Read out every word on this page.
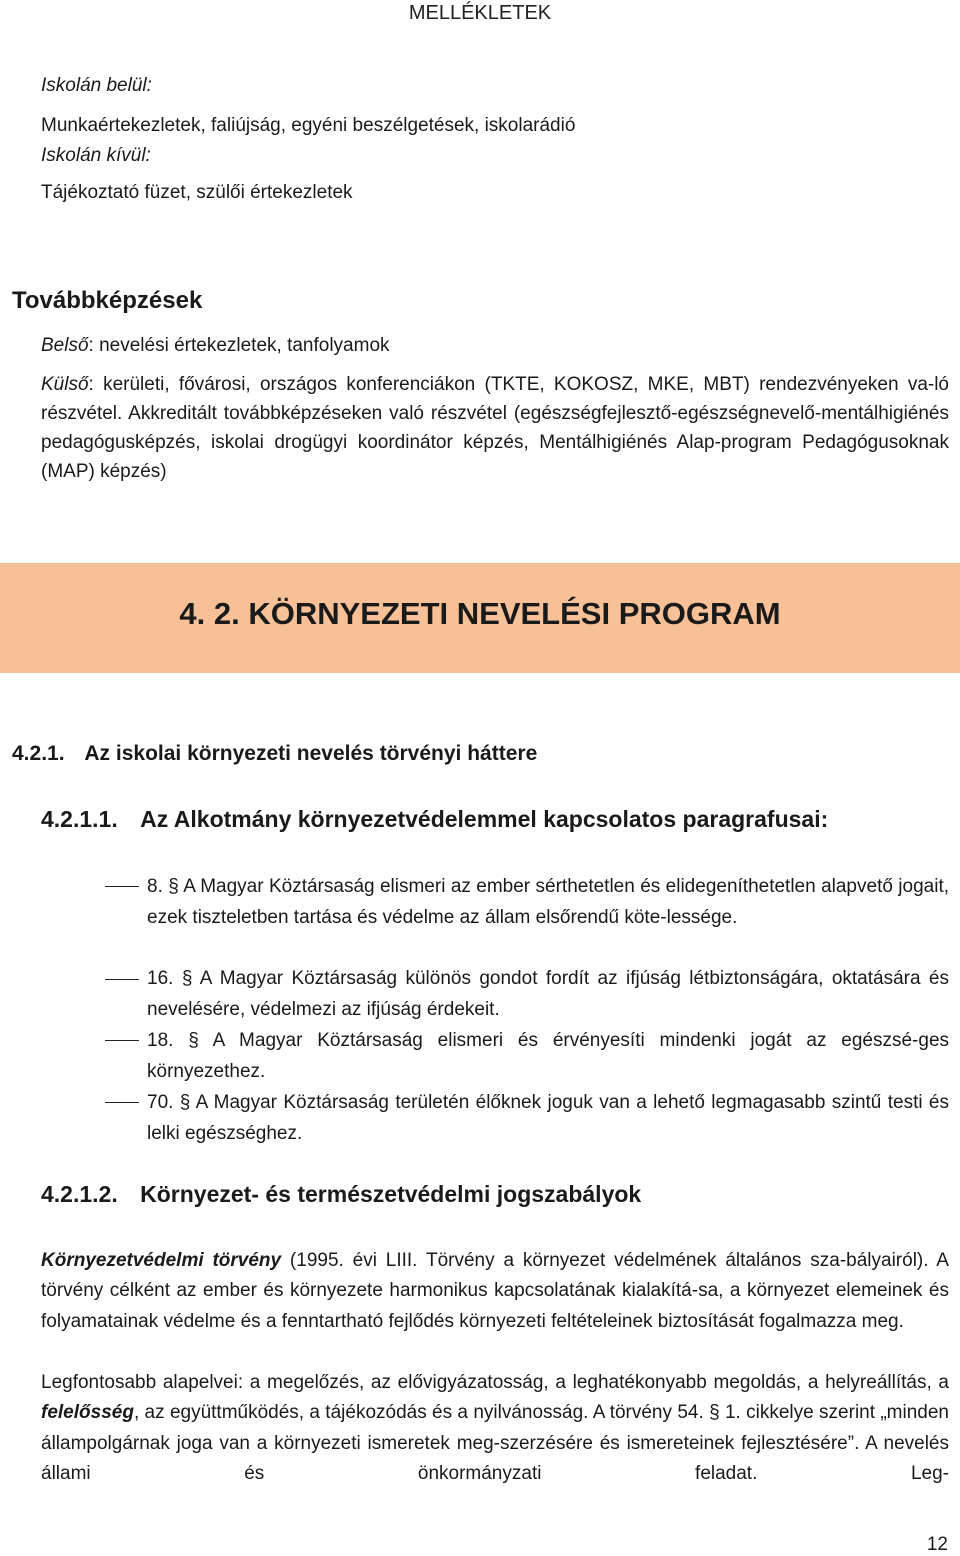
MELLÉKLETEK
Iskolán belül:
Munkaértekezletek, faliújság, egyéni beszélgetések, iskolarádió
Iskolán kívül:
Tájékoztató füzet, szülői értekezletek
Továbbképzések
Belső: nevelési értekezletek, tanfolyamok
Külső: kerületi, fővárosi, országos konferenciákon (TKTE, KOKOSZ, MKE, MBT) rendezvényeken va-ló részvétel. Akkreditált továbbképzéseken való részvétel (egészségfejlesztő-egészségnevelő-mentálhigiénés pedagógusképzés, iskolai drogügyi koordinátor képzés, Mentálhigiénés Alap-program Pedagógusoknak (MAP) képzés)
4. 2. KÖRNYEZETI NEVELÉSI PROGRAM
4.2.1. Az iskolai környezeti nevelés törvényi háttere
4.2.1.1. Az Alkotmány környezetvédelemmel kapcsolatos paragrafusai:
8. § A Magyar Köztársaság elismeri az ember sérthetetlen és elidegeníthetetlen alapvető jogait, ezek tiszteletben tartása és védelme az állam elsőrendű köte-lessége.
16. § A Magyar Köztársaság különös gondot fordít az ifjúság létbiztonságára, oktatására és nevelésére, védelmezi az ifjúság érdekeit.
18. § A Magyar Köztársaság elismeri és érvényesíti mindenki jogát az egészsé-ges környezethez.
70. § A Magyar Köztársaság területén élőknek joguk van a lehető legmagasabb szintű testi és lelki egészséghez.
4.2.1.2. Környezet- és természetvédelmi jogszabályok
Környezetvédelmi törvény (1995. évi LIII. Törvény a környezet védelmének általános sza-bályairól). A törvény célként az ember és környezete harmonikus kapcsolatának kialakítá-sa, a környezet elemeinek és folyamatainak védelme és a fenntartható fejlődés környezeti feltételeinek biztosítását fogalmazza meg.
Legfontosabb alapelvei: a megelőzés, az elővigyázatosság, a leghatékonyabb megoldás, a helyreállítás, a felelősség, az együttműködés, a tájékozódás és a nyilvánosság. A törvény 54. § 1. cikkelye szerint „minden állampolgárnak joga van a környezeti ismeretek meg-szerzésére és ismereteinek fejlesztésére”. A nevelés állami és önkormányzati feladat. Leg-
12
